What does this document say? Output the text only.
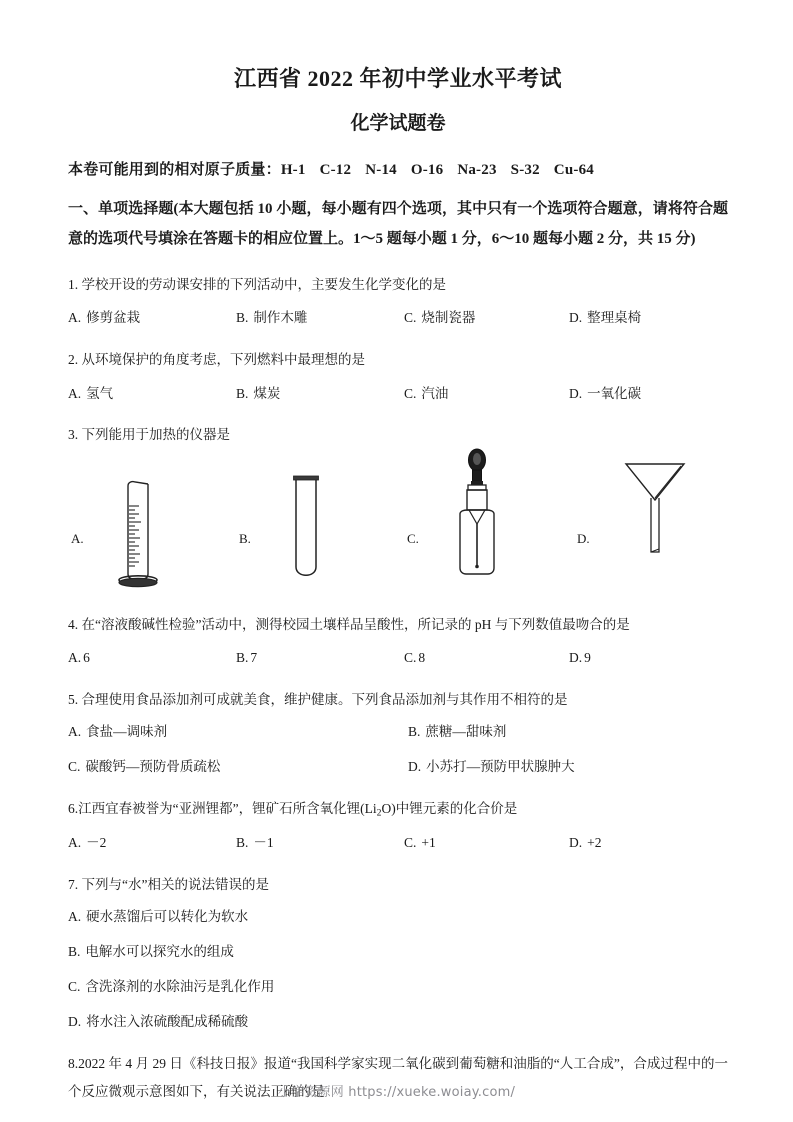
江西省 2022 年初中学业水平考试
化学试题卷
本卷可能用到的相对原子质量：H-1 C-12 N-14 O-16 Na-23 S-32 Cu-64
一、单项选择题(本大题包括 10 小题，每小题有四个选项，其中只有一个选项符合题意，请将符合题意的选项代号填涂在答题卡的相应位置上。1～5 题每小题 1 分，6～10 题每小题 2 分，共 15 分)
1. 学校开设的劳动课安排的下列活动中，主要发生化学变化的是
A. 修剪盆栽	B. 制作木雕	C. 烧制瓷器	D. 整理桌椅
2. 从环境保护的角度考虑，下列燃料中最理想的是
A. 氢气	B. 煤炭	C. 汽油	D. 一氧化碳
3. 下列能用于加热的仪器是
A.	B.	C.	D.
4. 在“溶液酸碱性检验”活动中，测得校园土壤样品呈酸性，所记录的 pH 与下列数值最吻合的是
A. 6	B. 7	C. 8	D. 9
5. 合理使用食品添加剂可成就美食，维护健康。下列食品添加剂与其作用不相符的是
A. 食盐—调味剂	B. 蔗糖—甜味剂
C. 碳酸钙—预防骨质疏松	D. 小苏打—预防甲状腺肿大
6.江西宜春被誉为“亚洲锂都”，锂矿石所含氧化锂$(Li_2O)$中锂元素的化合价是
A. －2	B. －1	C. +1	D. +2
7. 下列与“水”相关的说法错误的是
A. 硬水蒸馏后可以转化为软水
B. 电解水可以探究水的组成
C. 含洗涤剂的水除油污是乳化作用
D. 将水注入浓硫酸配成稀硫酸
8.2022 年 4 月 29 日《科技日报》报道“我国科学家实现二氧化碳到葡萄糖和油脂的“人工合成”，合成过程中的一个反应微观示意图如下，有关说法正确的是
小学资源网 https://xueke.woiay.com/
